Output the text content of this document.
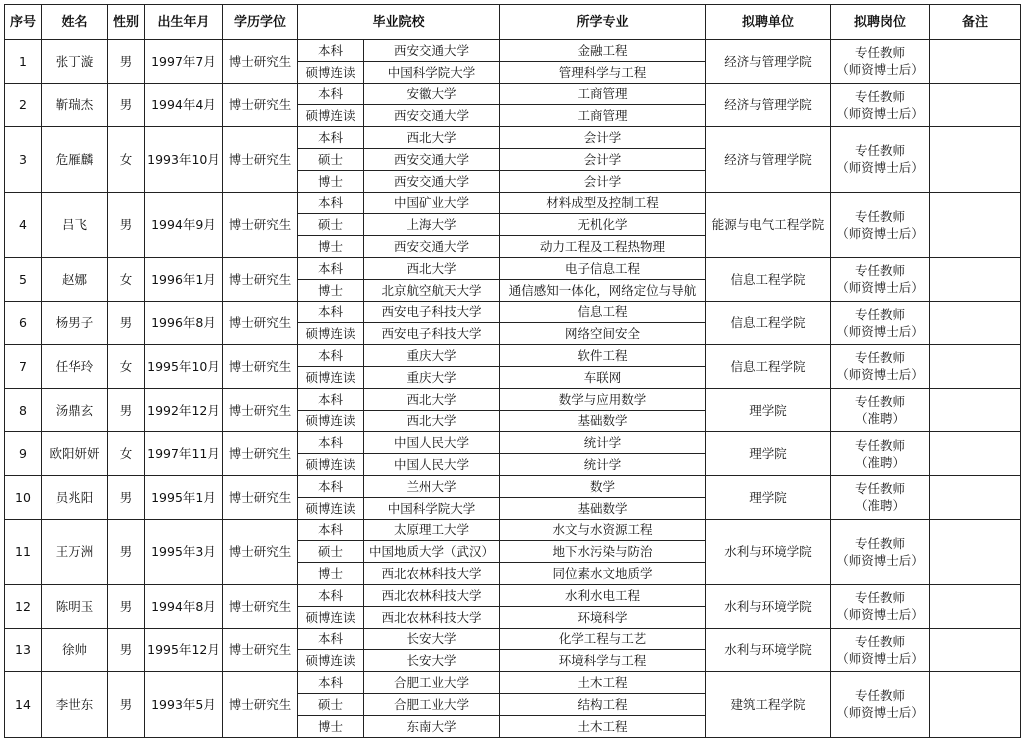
序号	姓名	性别	出生年月	学历学位	毕业院校		所学专业	拟聘单位	拟聘岗位	备注
1	张丁漩	男	1997年7月	博士研究生	本科	西安交通大学	金融工程	经济与管理学院	专任教师
（师资博士后）	

					硕博连读	中国科学院大学	管理科学与工程			
2	靳瑞杰	男	1994年4月	博士研究生	本科	安徽大学	工商管理	经济与管理学院	专任教师
（师资博士后）	

					硕博连读	西安交通大学	工商管理			
3	危雁麟	女	1993年10月	博士研究生	本科	西北大学	会计学	经济与管理学院	专任教师
（师资博士后）	

					硕士	西安交通大学	会计学			
					博士	西安交通大学	会计学			
4	吕飞	男	1994年9月	博士研究生	本科	中国矿业大学	材料成型及控制工程	能源与电气工程学院	专任教师
（师资博士后）	

					硕士	上海大学	无机化学			
					博士	西安交通大学	动力工程及工程热物理			
5	赵娜	女	1996年1月	博士研究生	本科	西北大学	电子信息工程	信息工程学院	专任教师
（师资博士后）	

					博士	北京航空航天大学	通信感知一体化，网络定位与导航			
6	杨男子	男	1996年8月	博士研究生	本科	西安电子科技大学	信息工程	信息工程学院	专任教师
（师资博士后）	

					硕博连读	西安电子科技大学	网络空间安全			
7	任华玲	女	1995年10月	博士研究生	本科	重庆大学	软件工程	信息工程学院	专任教师
（师资博士后）	

					硕博连读	重庆大学	车联网			
8	汤鼎玄	男	1992年12月	博士研究生	本科	西北大学	数学与应用数学	理学院	专任教师
（准聘）	

					硕博连读	西北大学	基础数学			
9	欧阳妍妍	女	1997年11月	博士研究生	本科	中国人民大学	统计学	理学院	专任教师
（准聘）	

					硕博连读	中国人民大学	统计学			
10	员兆阳	男	1995年1月	博士研究生	本科	兰州大学	数学	理学院	专任教师
（准聘）	

					硕博连读	中国科学院大学	基础数学			
11	王万洲	男	1995年3月	博士研究生	本科	太原理工大学	水文与水资源工程	水利与环境学院	专任教师
（师资博士后）	

					硕士	中国地质大学（武汉）	地下水污染与防治			
					博士	西北农林科技大学	同位素水文地质学			
12	陈明玉	男	1994年8月	博士研究生	本科	西北农林科技大学	水利水电工程	水利与环境学院	专任教师
（师资博士后）	

					硕博连读	西北农林科技大学	环境科学			
13	徐帅	男	1995年12月	博士研究生	本科	长安大学	化学工程与工艺	水利与环境学院	专任教师
（师资博士后）	

					硕博连读	长安大学	环境科学与工程			
14	李世东	男	1993年5月	博士研究生	本科	合肥工业大学	土木工程	建筑工程学院	专任教师
（师资博士后）	

					硕士	合肥工业大学	结构工程			
					博士	东南大学	土木工程			
